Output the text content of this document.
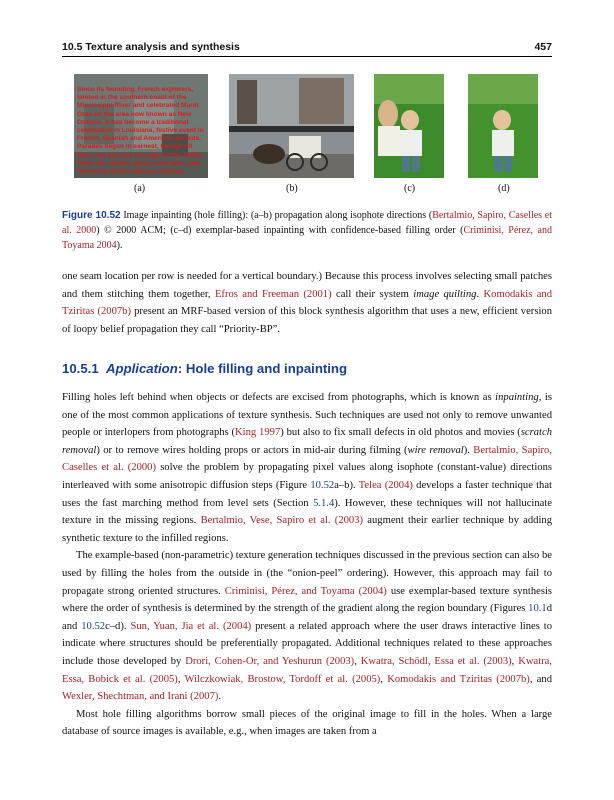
10.5 Texture analysis and synthesis	457
Since its founding, French explorers, landed in the southern coast of the Mississippi River and celebrated Mardi Gras on the area now known as New Orleans. It has become a traditional celebration in Louisiana, festive event in French, Spanish and American periods. Parades began in earnest, though all balls and parades throughout the 1900s, when the old line crews were here, now hosted by Mardi, Africans, Indians.
(a)	(b)	(c)	(d)
Figure 10.52 Image inpainting (hole filling): (a–b) propagation along isophote directions (Bertalmio, Sapiro, Caselles et al. 2000) © 2000 ACM; (c–d) exemplar-based inpainting with confidence-based filling order (Criminisi, Pérez, and Toyama 2004).

one seam location per row is needed for a vertical boundary.) Because this process involves selecting small patches and them stitching them together, Efros and Freeman (2001) call their system image quilting. Komodakis and Tziritas (2007b) present an MRF-based version of this block synthesis algorithm that uses a new, efficient version of loopy belief propagation they call “Priority-BP”.

10.5.1 Application: Hole filling and inpainting

Filling holes left behind when objects or defects are excised from photographs, which is known as inpainting, is one of the most common applications of texture synthesis. Such techniques are used not only to remove unwanted people or interlopers from photographs (King 1997) but also to fix small defects in old photos and movies (scratch removal) or to remove wires holding props or actors in mid-air during filming (wire removal). Bertalmio, Sapiro, Caselles et al. (2000) solve the problem by propagating pixel values along isophote (constant-value) directions interleaved with some anisotropic diffusion steps (Figure 10.52a–b). Telea (2004) develops a faster technique that uses the fast marching method from level sets (Section 5.1.4). However, these techniques will not hallucinate texture in the missing regions. Bertalmio, Vese, Sapiro et al. (2003) augment their earlier technique by adding synthetic texture to the infilled regions.

The example-based (non-parametric) texture generation techniques discussed in the previous section can also be used by filling the holes from the outside in (the “onion-peel” ordering). However, this approach may fail to propagate strong oriented structures. Criminisi, Pérez, and Toyama (2004) use exemplar-based texture synthesis where the order of synthesis is determined by the strength of the gradient along the region boundary (Figures 10.1d and 10.52c–d). Sun, Yuan, Jia et al. (2004) present a related approach where the user draws interactive lines to indicate where structures should be preferentially propagated. Additional techniques related to these approaches include those developed by Drori, Cohen-Or, and Yeshurun (2003), Kwatra, Schödl, Essa et al. (2003), Kwatra, Essa, Bobick et al. (2005), Wilczkowiak, Brostow, Tordoff et al. (2005), Komodakis and Tziritas (2007b), and Wexler, Shechtman, and Irani (2007).

Most hole filling algorithms borrow small pieces of the original image to fill in the holes. When a large database of source images is available, e.g., when images are taken from a
